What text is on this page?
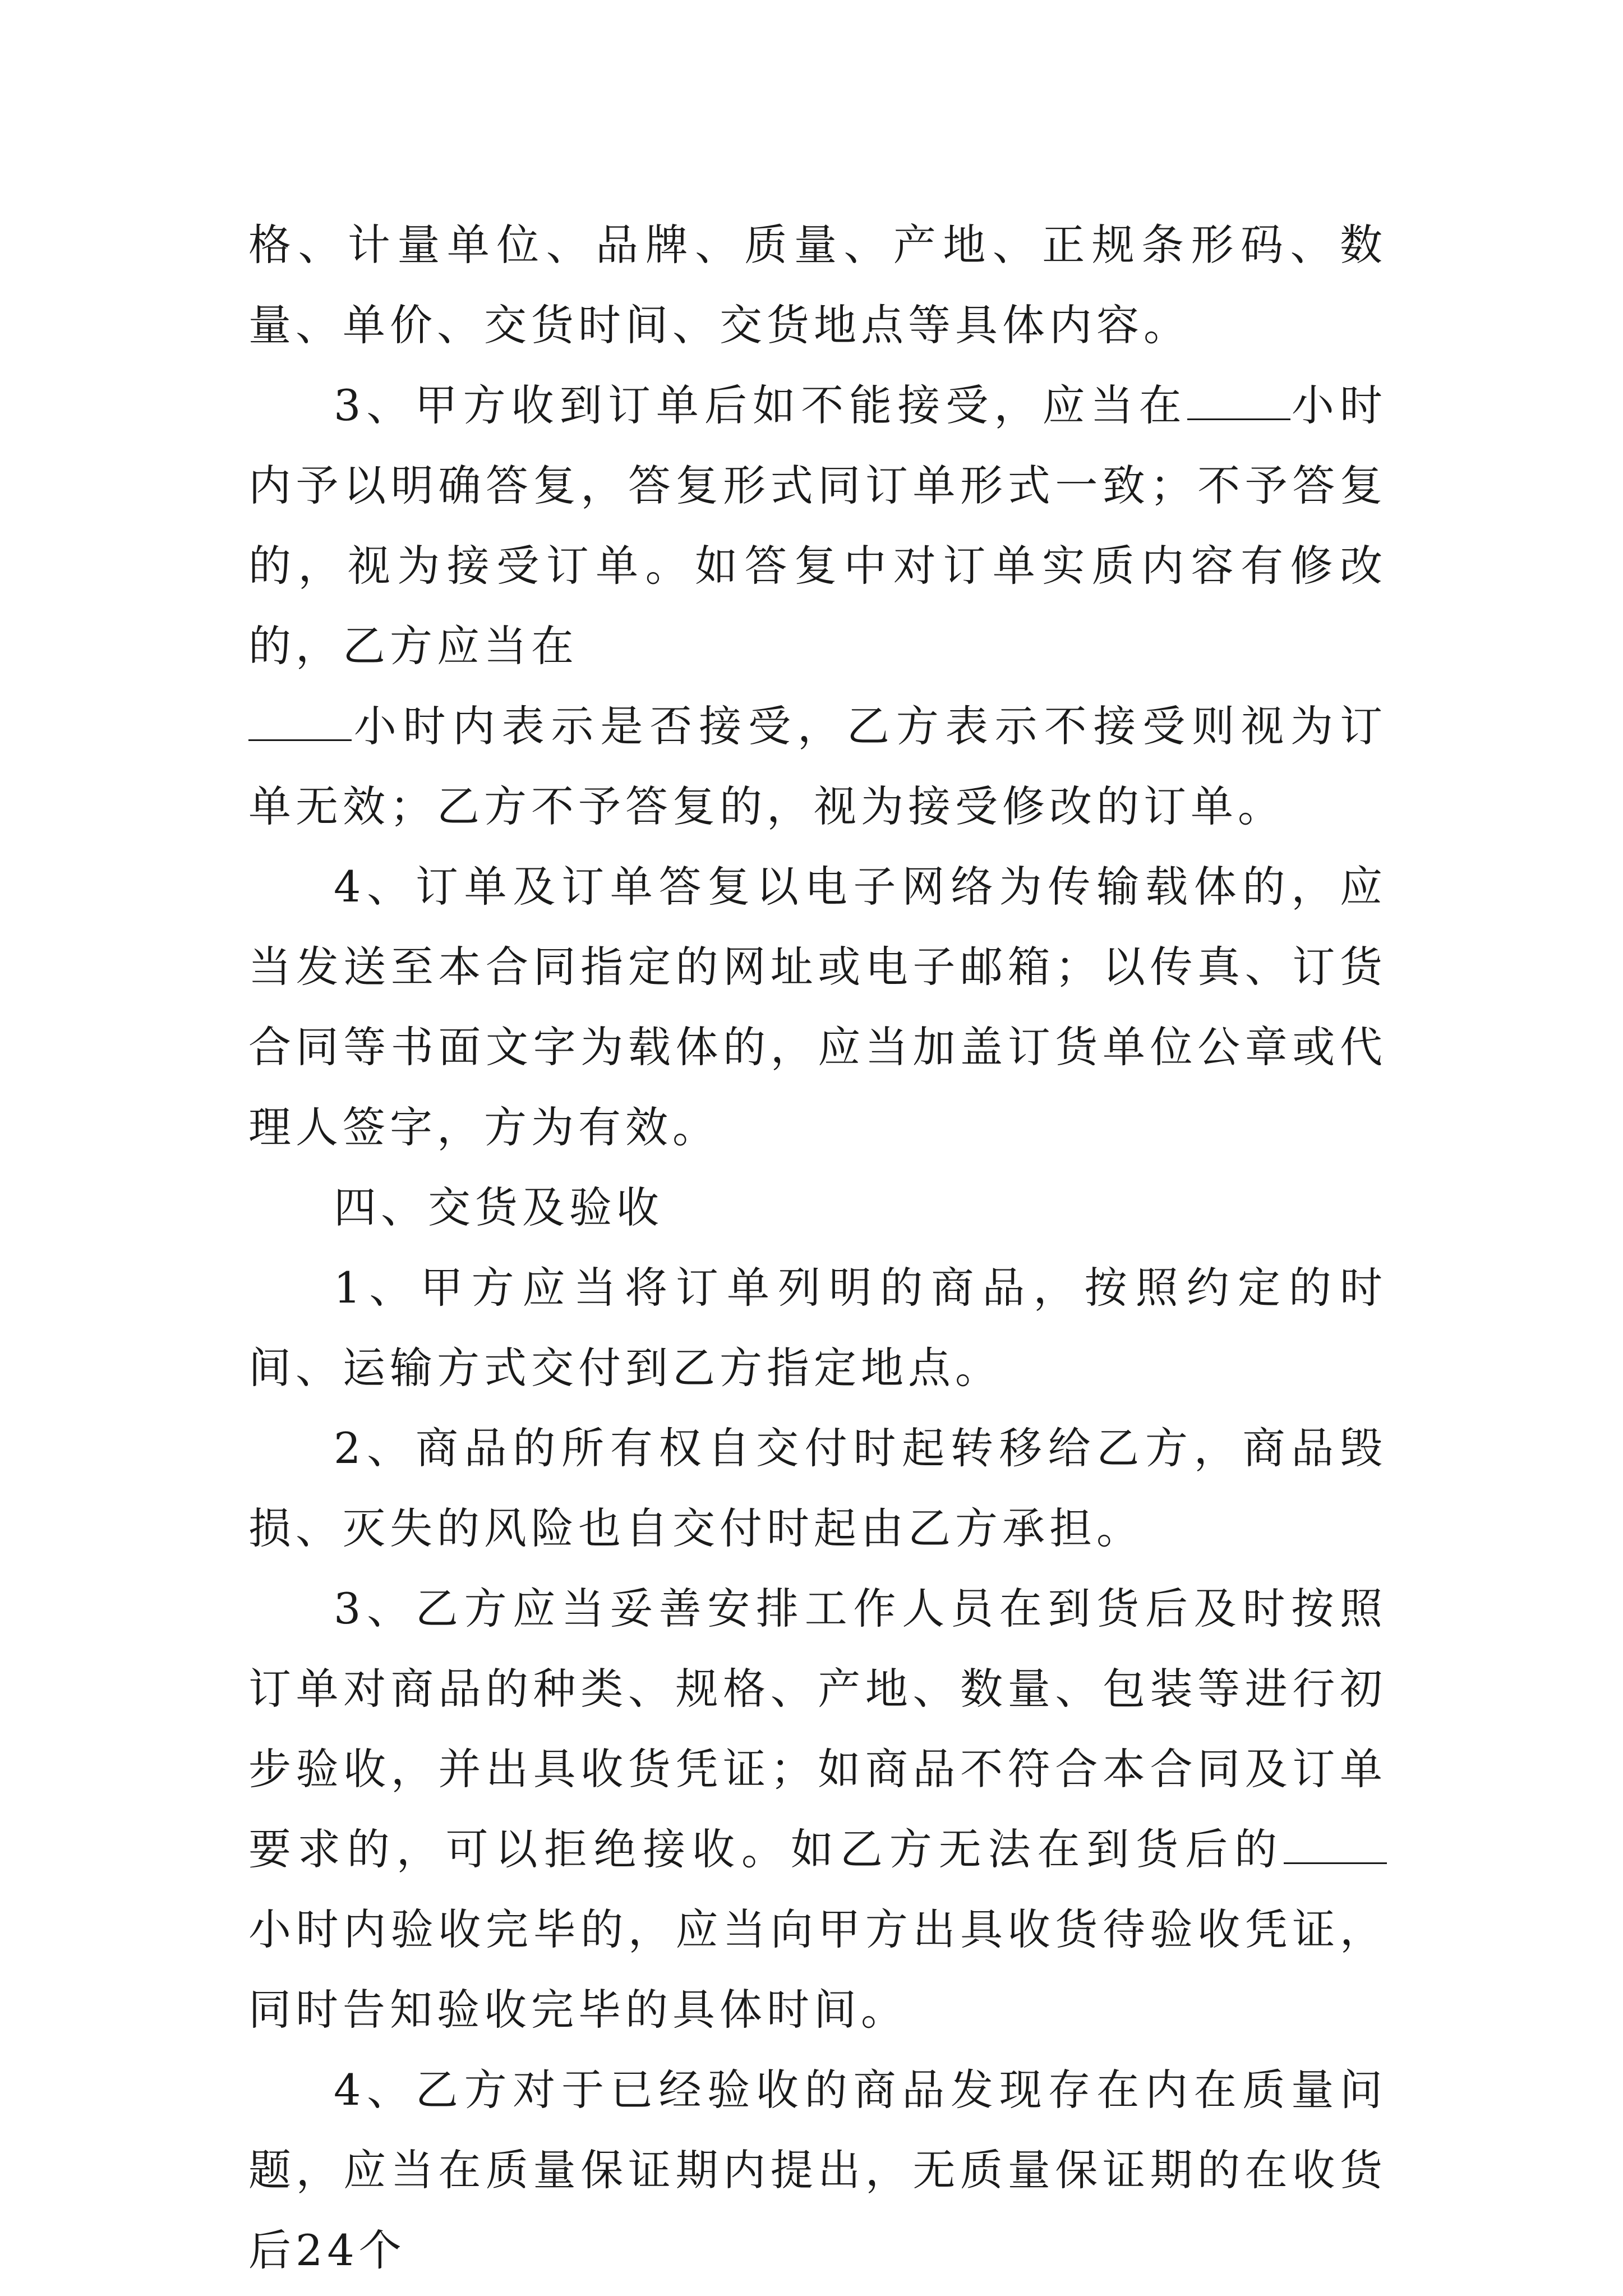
格、计量单位、品牌、质量、产地、正规条形码、数量、单价、交货时间、交货地点等具体内容。

3、甲方收到订单后如不能接受，应当在 小时内予以明确答复，答复形式同订单形式一致；不予答复的，视为接受订单。如答复中对订单实质内容有修改的，乙方应当在
小时内表示是否接受，乙方表示不接受则视为订单无效；乙方不予答复的，视为接受修改的订单。

4、订单及订单答复以电子网络为传输载体的，应当发送至本合同指定的网址或电子邮箱；以传真、订货合同等书面文字为载体的，应当加盖订货单位公章或代理人签字，方为有效。

四、交货及验收

1、甲方应当将订单列明的商品，按照约定的时间、运输方式交付到乙方指定地点。

2、商品的所有权自交付时起转移给乙方，商品毁损、灭失的风险也自交付时起由乙方承担。

3、乙方应当妥善安排工作人员在到货后及时按照订单对商品的种类、规格、产地、数量、包装等进行初步验收，并出具收货凭证；如商品不符合本合同及订单要求的，可以拒绝接收。如乙方无法在到货后的小时内验收完毕的，应当向甲方出具收货待验收凭证，同时告知验收完毕的具体时间。

4、乙方对于已经验收的商品发现存在内在质量问题，应当在质量保证期内提出，无质量保证期的在收货后24个
